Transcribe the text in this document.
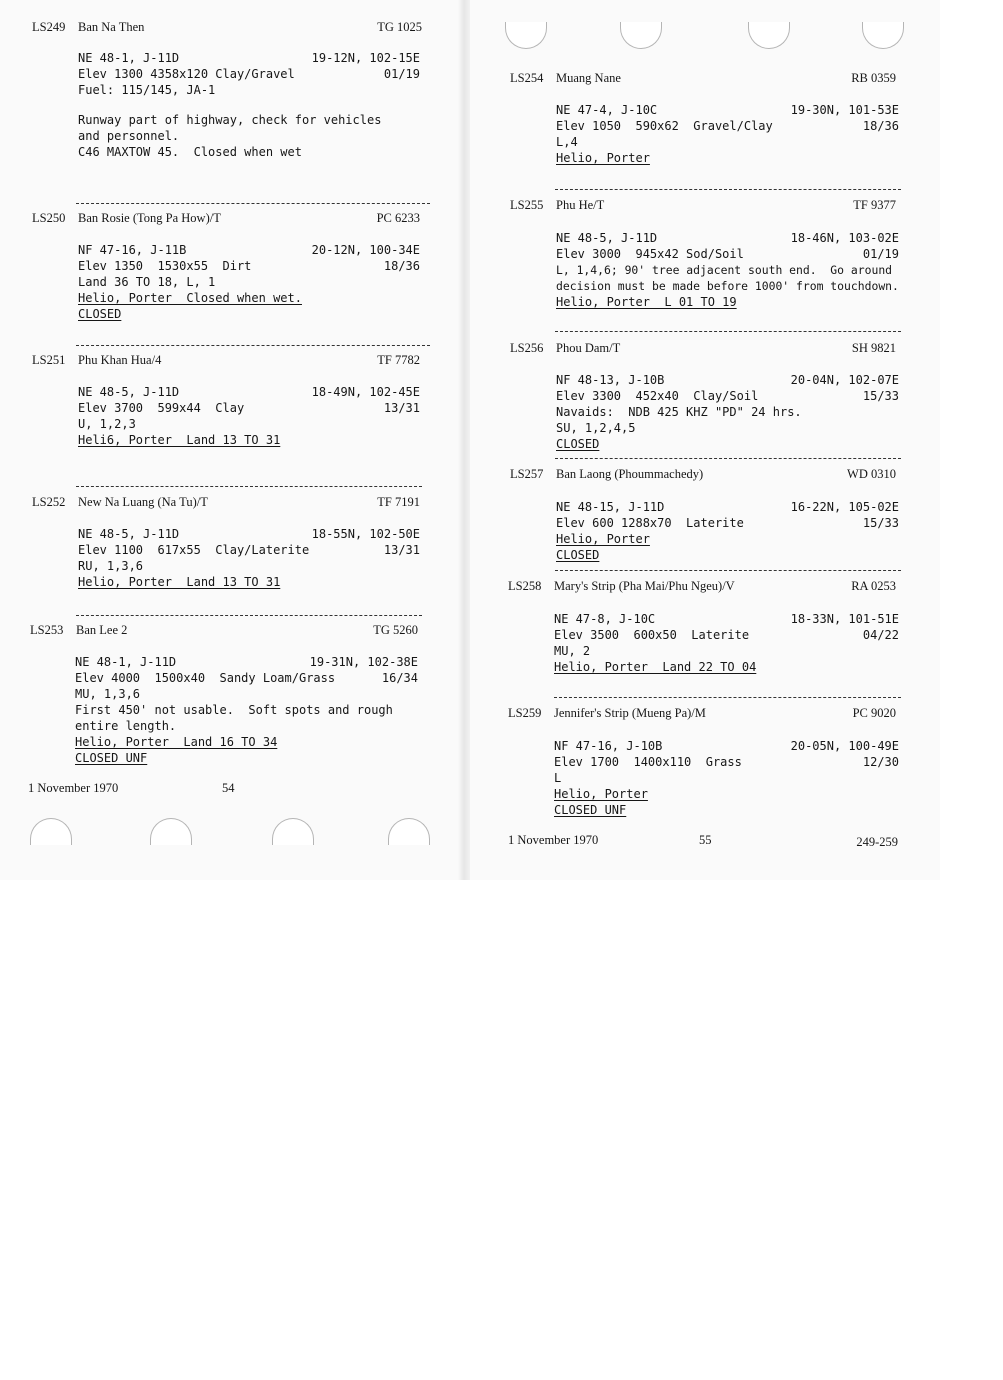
LS249 Ban Na Then	TG 1025
NE 48-1, J-11D	19-12N, 102-15E
Elev 1300 4358x120 Clay/Gravel	01/19
Fuel: 115/145, JA-1
Runway part of highway, check for vehicles
and personnel.
C46 MAXTOW 45.  Closed when wet
LS250 Ban Rosie (Tong Pa How)/T	PC 6233
NF 47-16, J-11B	20-12N, 100-34E
Elev 1350  1530x55  Dirt	18/36
Land 36 TO 18, L, 1
Helio, Porter  Closed when wet.
CLOSED
LS251 Phu Khan Hua/4	TF 7782
NE 48-5, J-11D	18-49N, 102-45E
Elev 3700  599x44  Clay	13/31
U, 1,2,3
Heli6, Porter  Land 13 TO 31
LS252 New Na Luang (Na Tu)/T	TF 7191
NE 48-5, J-11D	18-55N, 102-50E
Elev 1100  617x55  Clay/Laterite	13/31
RU, 1,3,6
Helio, Porter  Land 13 TO 31
LS253 Ban Lee 2	TG 5260
NE 48-1, J-11D	19-31N, 102-38E
Elev 4000  1500x40  Sandy Loam/Grass	16/34
MU, 1,3,6
First 450' not usable.  Soft spots and rough
entire length.
Helio, Porter  Land 16 TO 34
CLOSED UNF
1 November 1970	54
LS254 Muang Nane	RB 0359
NE 47-4, J-10C	19-30N, 101-53E
Elev 1050  590x62  Gravel/Clay	18/36
L,4
Helio, Porter
LS255 Phu He/T	TF 9377
NE 48-5, J-11D	18-46N, 103-02E
Elev 3000  945x42 Sod/Soil	01/19
L, 1,4,6; 90' tree adjacent south end.  Go around
decision must be made before 1000' from touchdown.
Helio, Porter  L 01 TO 19
LS256 Phou Dam/T	SH 9821
NF 48-13, J-10B	20-04N, 102-07E
Elev 3300  452x40  Clay/Soil	15/33
Navaids:  NDB 425 KHZ "PD" 24 hrs.
SU, 1,2,4,5
CLOSED
LS257 Ban Laong (Phoummachedy)	WD 0310
NE 48-15, J-11D	16-22N, 105-02E
Elev 600 1288x70  Laterite	15/33
Helio, Porter
CLOSED
LS258 Mary's Strip (Pha Mai/Phu Ngeu)/V	RA 0253
NE 47-8, J-10C	18-33N, 101-51E
Elev 3500  600x50  Laterite	04/22
MU, 2
Helio, Porter  Land 22 TO 04
LS259 Jennifer's Strip (Mueng Pa)/M	PC 9020
NF 47-16, J-10B	20-05N, 100-49E
Elev 1700  1400x110  Grass	12/30
L
Helio, Porter
CLOSED UNF
1 November 1970	55	249-259
